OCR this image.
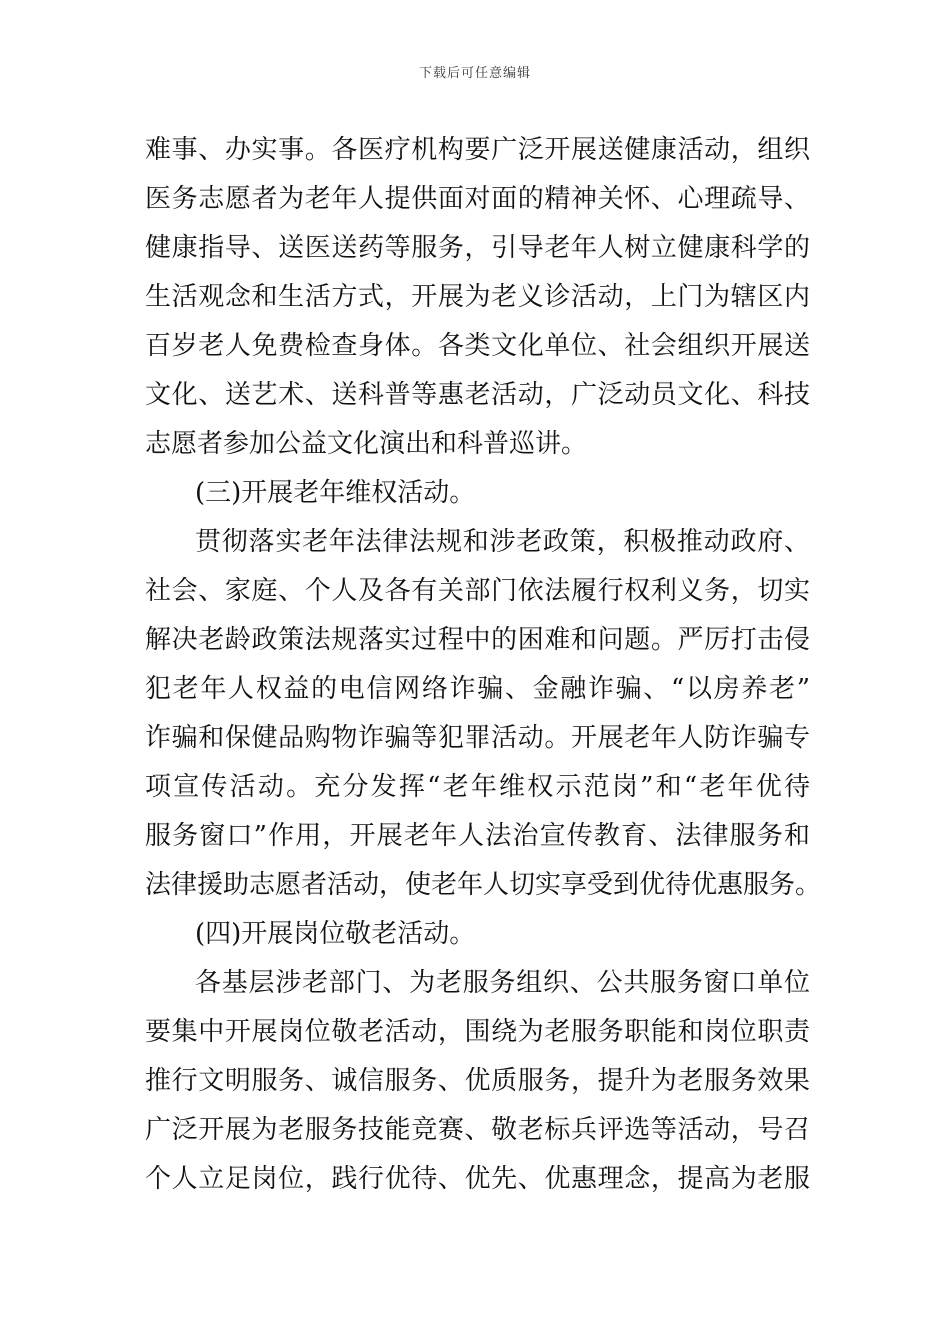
下载后可任意编辑
难事、办实事。各医疗机构要广泛开展送健康活动，组织
医务志愿者为老年人提供面对面的精神关怀、心理疏导、
健康指导、送医送药等服务，引导老年人树立健康科学的
生活观念和生活方式，开展为老义诊活动，上门为辖区内
百岁老人免费检查身体。各类文化单位、社会组织开展送
文化、送艺术、送科普等惠老活动，广泛动员文化、科技
志愿者参加公益文化演出和科普巡讲。
(三)开展老年维权活动。
贯彻落实老年法律法规和涉老政策，积极推动政府、
社会、家庭、个人及各有关部门依法履行权利义务，切实
解决老龄政策法规落实过程中的困难和问题。严厉打击侵
犯老年人权益的电信网络诈骗、金融诈骗、“以房养老”
诈骗和保健品购物诈骗等犯罪活动。开展老年人防诈骗专
项宣传活动。充分发挥“老年维权示范岗”和“老年优待
服务窗口”作用，开展老年人法治宣传教育、法律服务和
法律援助志愿者活动，使老年人切实享受到优待优惠服务。
(四)开展岗位敬老活动。
各基层涉老部门、为老服务组织、公共服务窗口单位
要集中开展岗位敬老活动，围绕为老服务职能和岗位职责
推行文明服务、诚信服务、优质服务，提升为老服务效果
广泛开展为老服务技能竞赛、敬老标兵评选等活动，号召
个人立足岗位，践行优待、优先、优惠理念，提高为老服
